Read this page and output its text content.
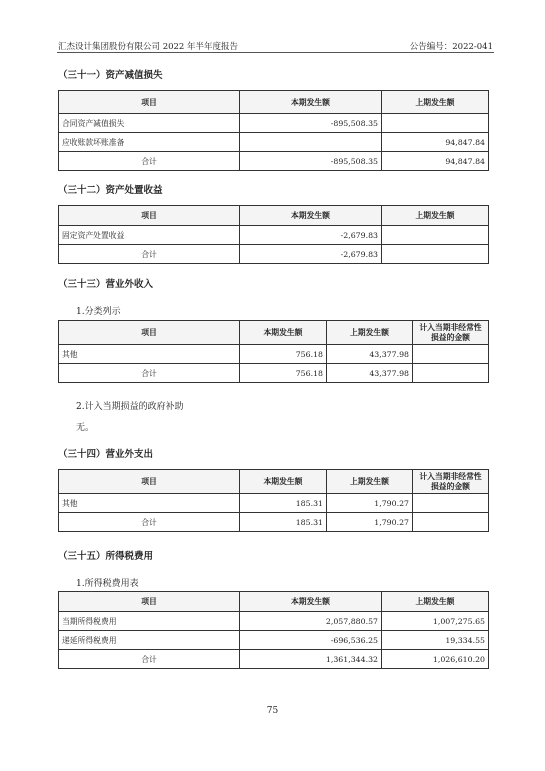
汇杰设计集团股份有限公司 2022 年半年度报告	公告编号：2022-041
（三十一）资产减值损失
项目	本期发生额	上期发生额
合同资产减值损失	-895,508.35	
应收账款坏账准备		94,847.84
合计	-895,508.35	94,847.84
（三十二）资产处置收益
项目	本期发生额	上期发生额
固定资产处置收益	-2,679.83	
合计	-2,679.83	
（三十三）营业外收入
1.分类列示
项目	本期发生额	上期发生额	计入当期非经常性
损益的金额

其他	756.18	43,377.98	
合计	756.18	43,377.98	
2.计入当期损益的政府补助
无。
（三十四）营业外支出
项目	本期发生额	上期发生额	计入当期非经常性
损益的金额

其他	185.31	1,790.27	
合计	185.31	1,790.27	
（三十五）所得税费用
1.所得税费用表
项目	本期发生额	上期发生额
当期所得税费用	2,057,880.57	1,007,275.65
递延所得税费用	-696,536.25	19,334.55
合计	1,361,344.32	1,026,610.20
75
